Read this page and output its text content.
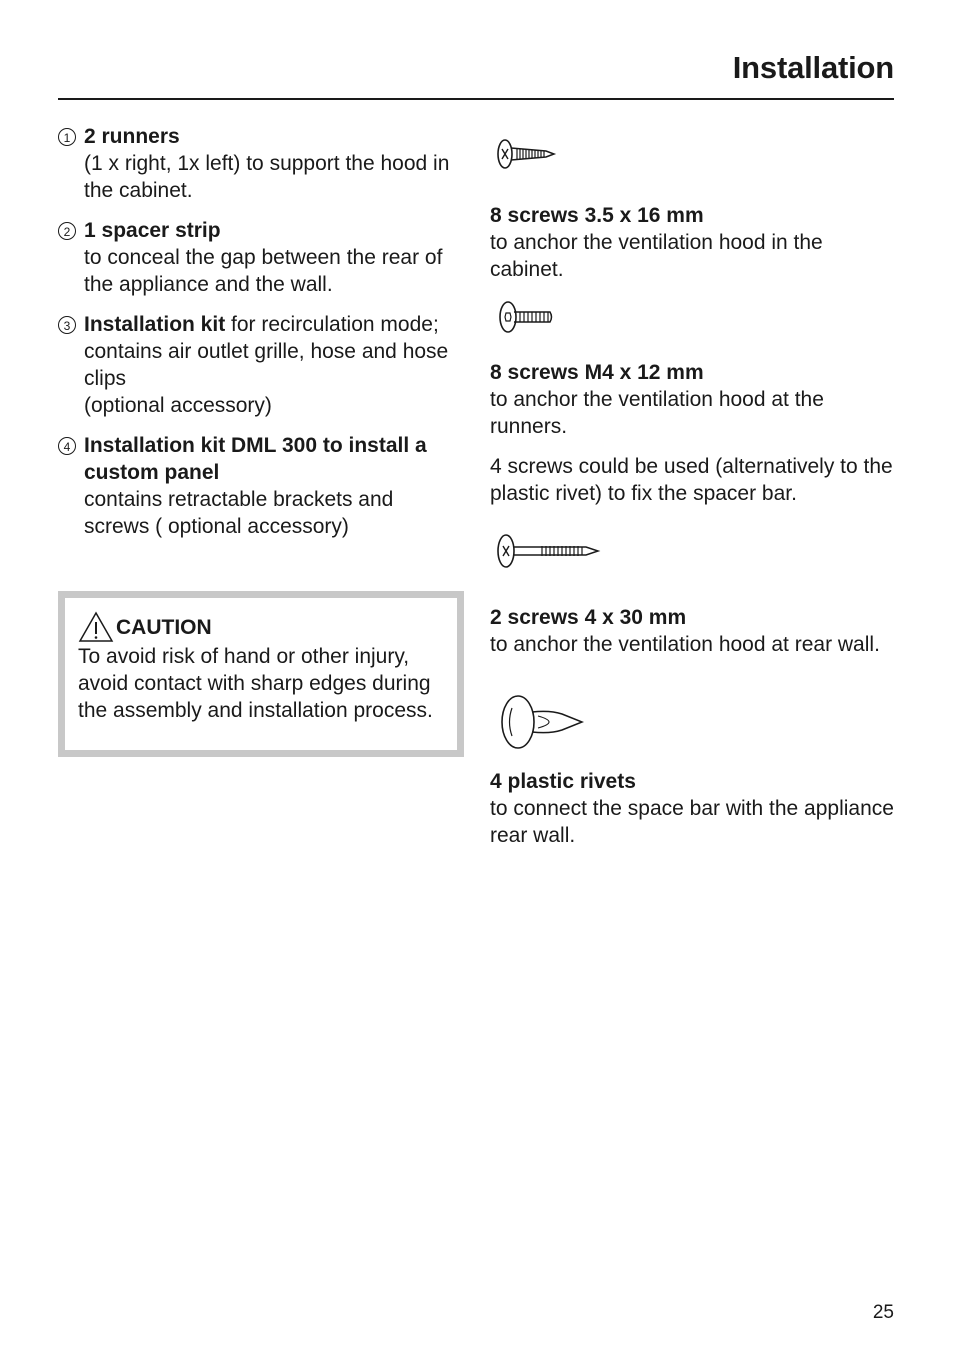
Installation
1 2 runners
(1 x right, 1x left) to support the hood in the cabinet.
2 1 spacer strip
to conceal the gap between the rear of the appliance and the wall.
3 Installation kit for recirculation mode; contains air outlet grille, hose and hose clips
(optional accessory)
4 Installation kit DML 300 to install a custom panel
contains retractable brackets and screws ( optional accessory)
CAUTION
To avoid risk of hand or other injury, avoid contact with sharp edges during the assembly and installation process.
8 screws 3.5 x 16 mm
to anchor the ventilation hood in the cabinet.
8 screws M4 x 12 mm
to anchor the ventilation hood at the runners.
4 screws could be used (alternatively to the plastic rivet) to fix the spacer bar.
2 screws 4 x 30 mm
to anchor the ventilation hood at rear wall.
4 plastic rivets
to connect the space bar with the appliance rear wall.
25
